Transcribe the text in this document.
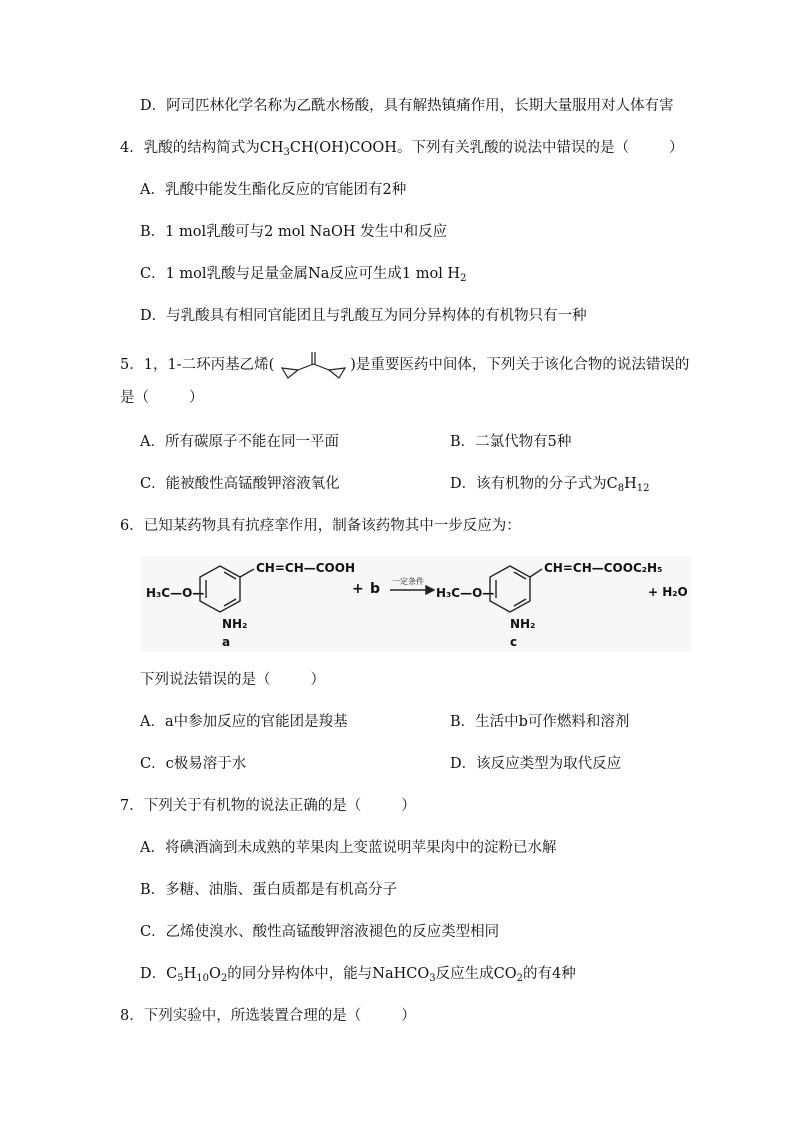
D．阿司匹林化学名称为乙酰水杨酸，具有解热镇痛作用，长期大量服用对人体有害
4．乳酸的结构简式为$CH_3CH(OH)COOH$。下列有关乳酸的说法中错误的是（	）
A．乳酸中能发生酯化反应的官能团有2种
B．1 mol乳酸可与2 mol NaOH 发生中和反应
C．1 mol乳酸与足量金属Na反应可生成1 mol $H_2$
D．与乳酸具有相同官能团且与乳酸互为同分异构体的有机物只有一种
5．1，1-二环丙基乙烯(	)是重要医药中间体，下列关于该化合物的说法错误的
是（	）
A．所有碳原子不能在同一平面	B．二氯代物有5种
C．能被酸性高锰酸钾溶液氧化	D．该有机物的分子式为$C_8H_{12}$
6．已知某药物具有抗痉挛作用，制备该药物其中一步反应为：
H₃C—O—
CH=CH—COOH
NH₂
a
+ b 一定条件
H₃C—O—
CH=CH—COOC₂H₅
NH₂
c
+ H₂O
下列说法错误的是（	）
A．a中参加反应的官能团是羧基	B．生活中b可作燃料和溶剂
C．c极易溶于水	D．该反应类型为取代反应
7．下列关于有机物的说法正确的是（	）
A．将碘酒滴到未成熟的苹果肉上变蓝说明苹果肉中的淀粉已水解
B．多糖、油脂、蛋白质都是有机高分子
C．乙烯使溴水、酸性高锰酸钾溶液褪色的反应类型相同
D．$C_5H_{10}O_2$的同分异构体中，能与NaHCO$_3$反应生成$CO_2$的有4种
8．下列实验中，所选装置合理的是（	）
